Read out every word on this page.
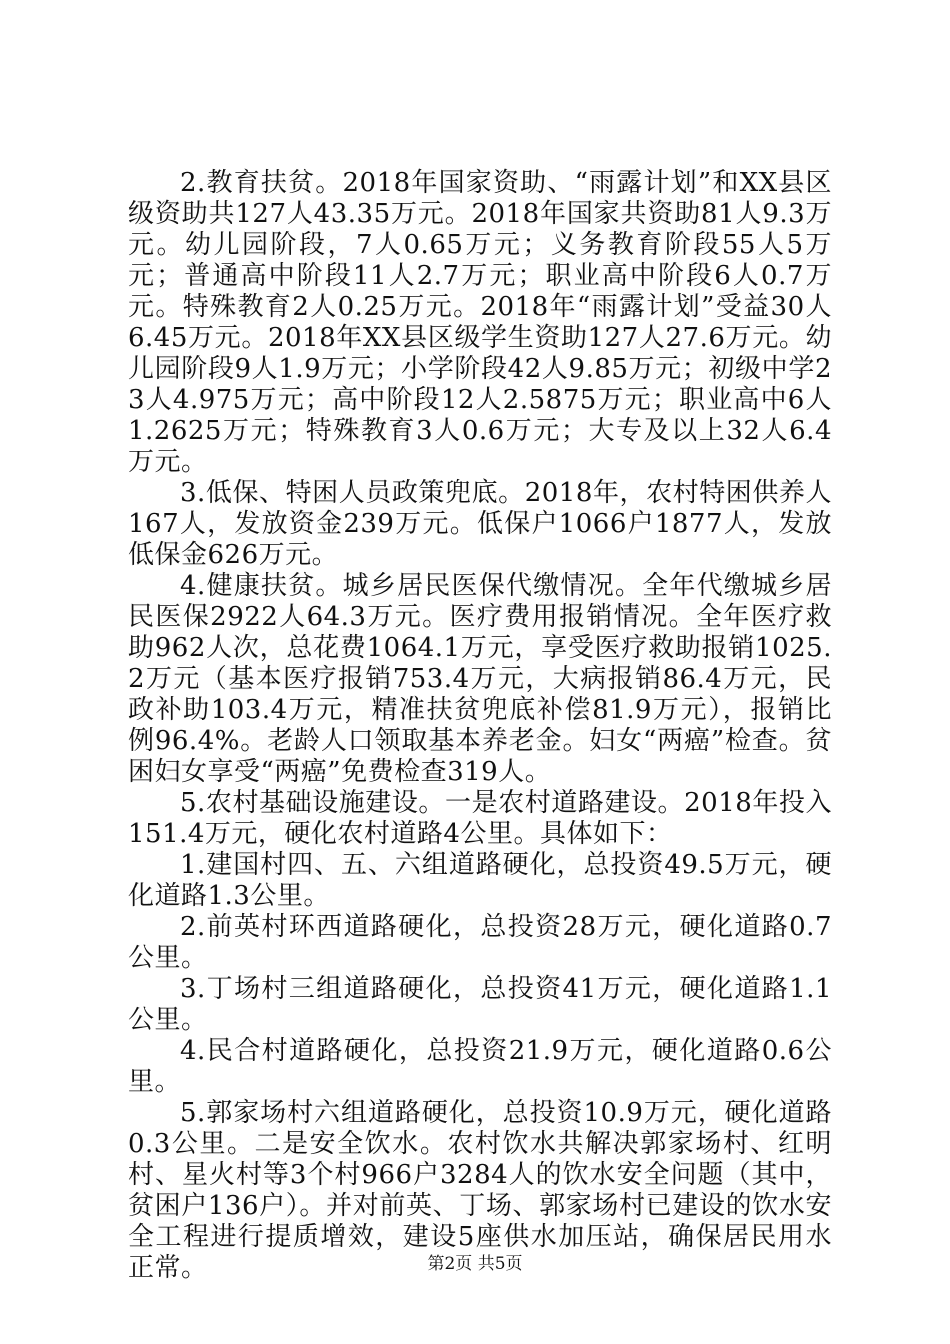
2.教育扶贫。2018年国家资助、“雨露计划”和XX县区级资助共127人43.35万元。2018年国家共资助81人9.3万元。幼儿园阶段，7人0.65万元；义务教育阶段55人5万元；普通高中阶段11人2.7万元；职业高中阶段6人0.7万元。特殊教育2人0.25万元。2018年“雨露计划”受益30人6.45万元。2018年XX县区级学生资助127人27.6万元。幼儿园阶段9人1.9万元；小学阶段42人9.85万元；初级中学23人4.975万元；高中阶段12人2.5875万元；职业高中6人1.2625万元；特殊教育3人0.6万元；大专及以上32人6.4万元。

3.低保、特困人员政策兜底。2018年，农村特困供养人167人，发放资金239万元。低保户1066户1877人，发放低保金626万元。

4.健康扶贫。城乡居民医保代缴情况。全年代缴城乡居民医保2922人64.3万元。医疗费用报销情况。全年医疗救助962人次，总花费1064.1万元，享受医疗救助报销1025.2万元（基本医疗报销753.4万元，大病报销86.4万元，民政补助103.4万元，精准扶贫兜底补偿81.9万元），报销比例96.4%。老龄人口领取基本养老金。妇女“两癌”检查。贫困妇女享受“两癌”免费检查319人。

5.农村基础设施建设。一是农村道路建设。2018年投入151.4万元，硬化农村道路4公里。具体如下：

1.建国村四、五、六组道路硬化，总投资49.5万元，硬化道路1.3公里。

2.前英村环西道路硬化，总投资28万元，硬化道路0.7公里。

3.丁场村三组道路硬化，总投资41万元，硬化道路1.1公里。

4.民合村道路硬化，总投资21.9万元，硬化道路0.6公里。

5.郭家场村六组道路硬化，总投资10.9万元，硬化道路0.3公里。二是安全饮水。农村饮水共解决郭家场村、红明村、星火村等3个村966户3284人的饮水安全问题（其中，贫困户136户）。并对前英、丁场、郭家场村已建设的饮水安全工程进行提质增效，建设5座供水加压站，确保居民用水正常。	第2页 共5页
